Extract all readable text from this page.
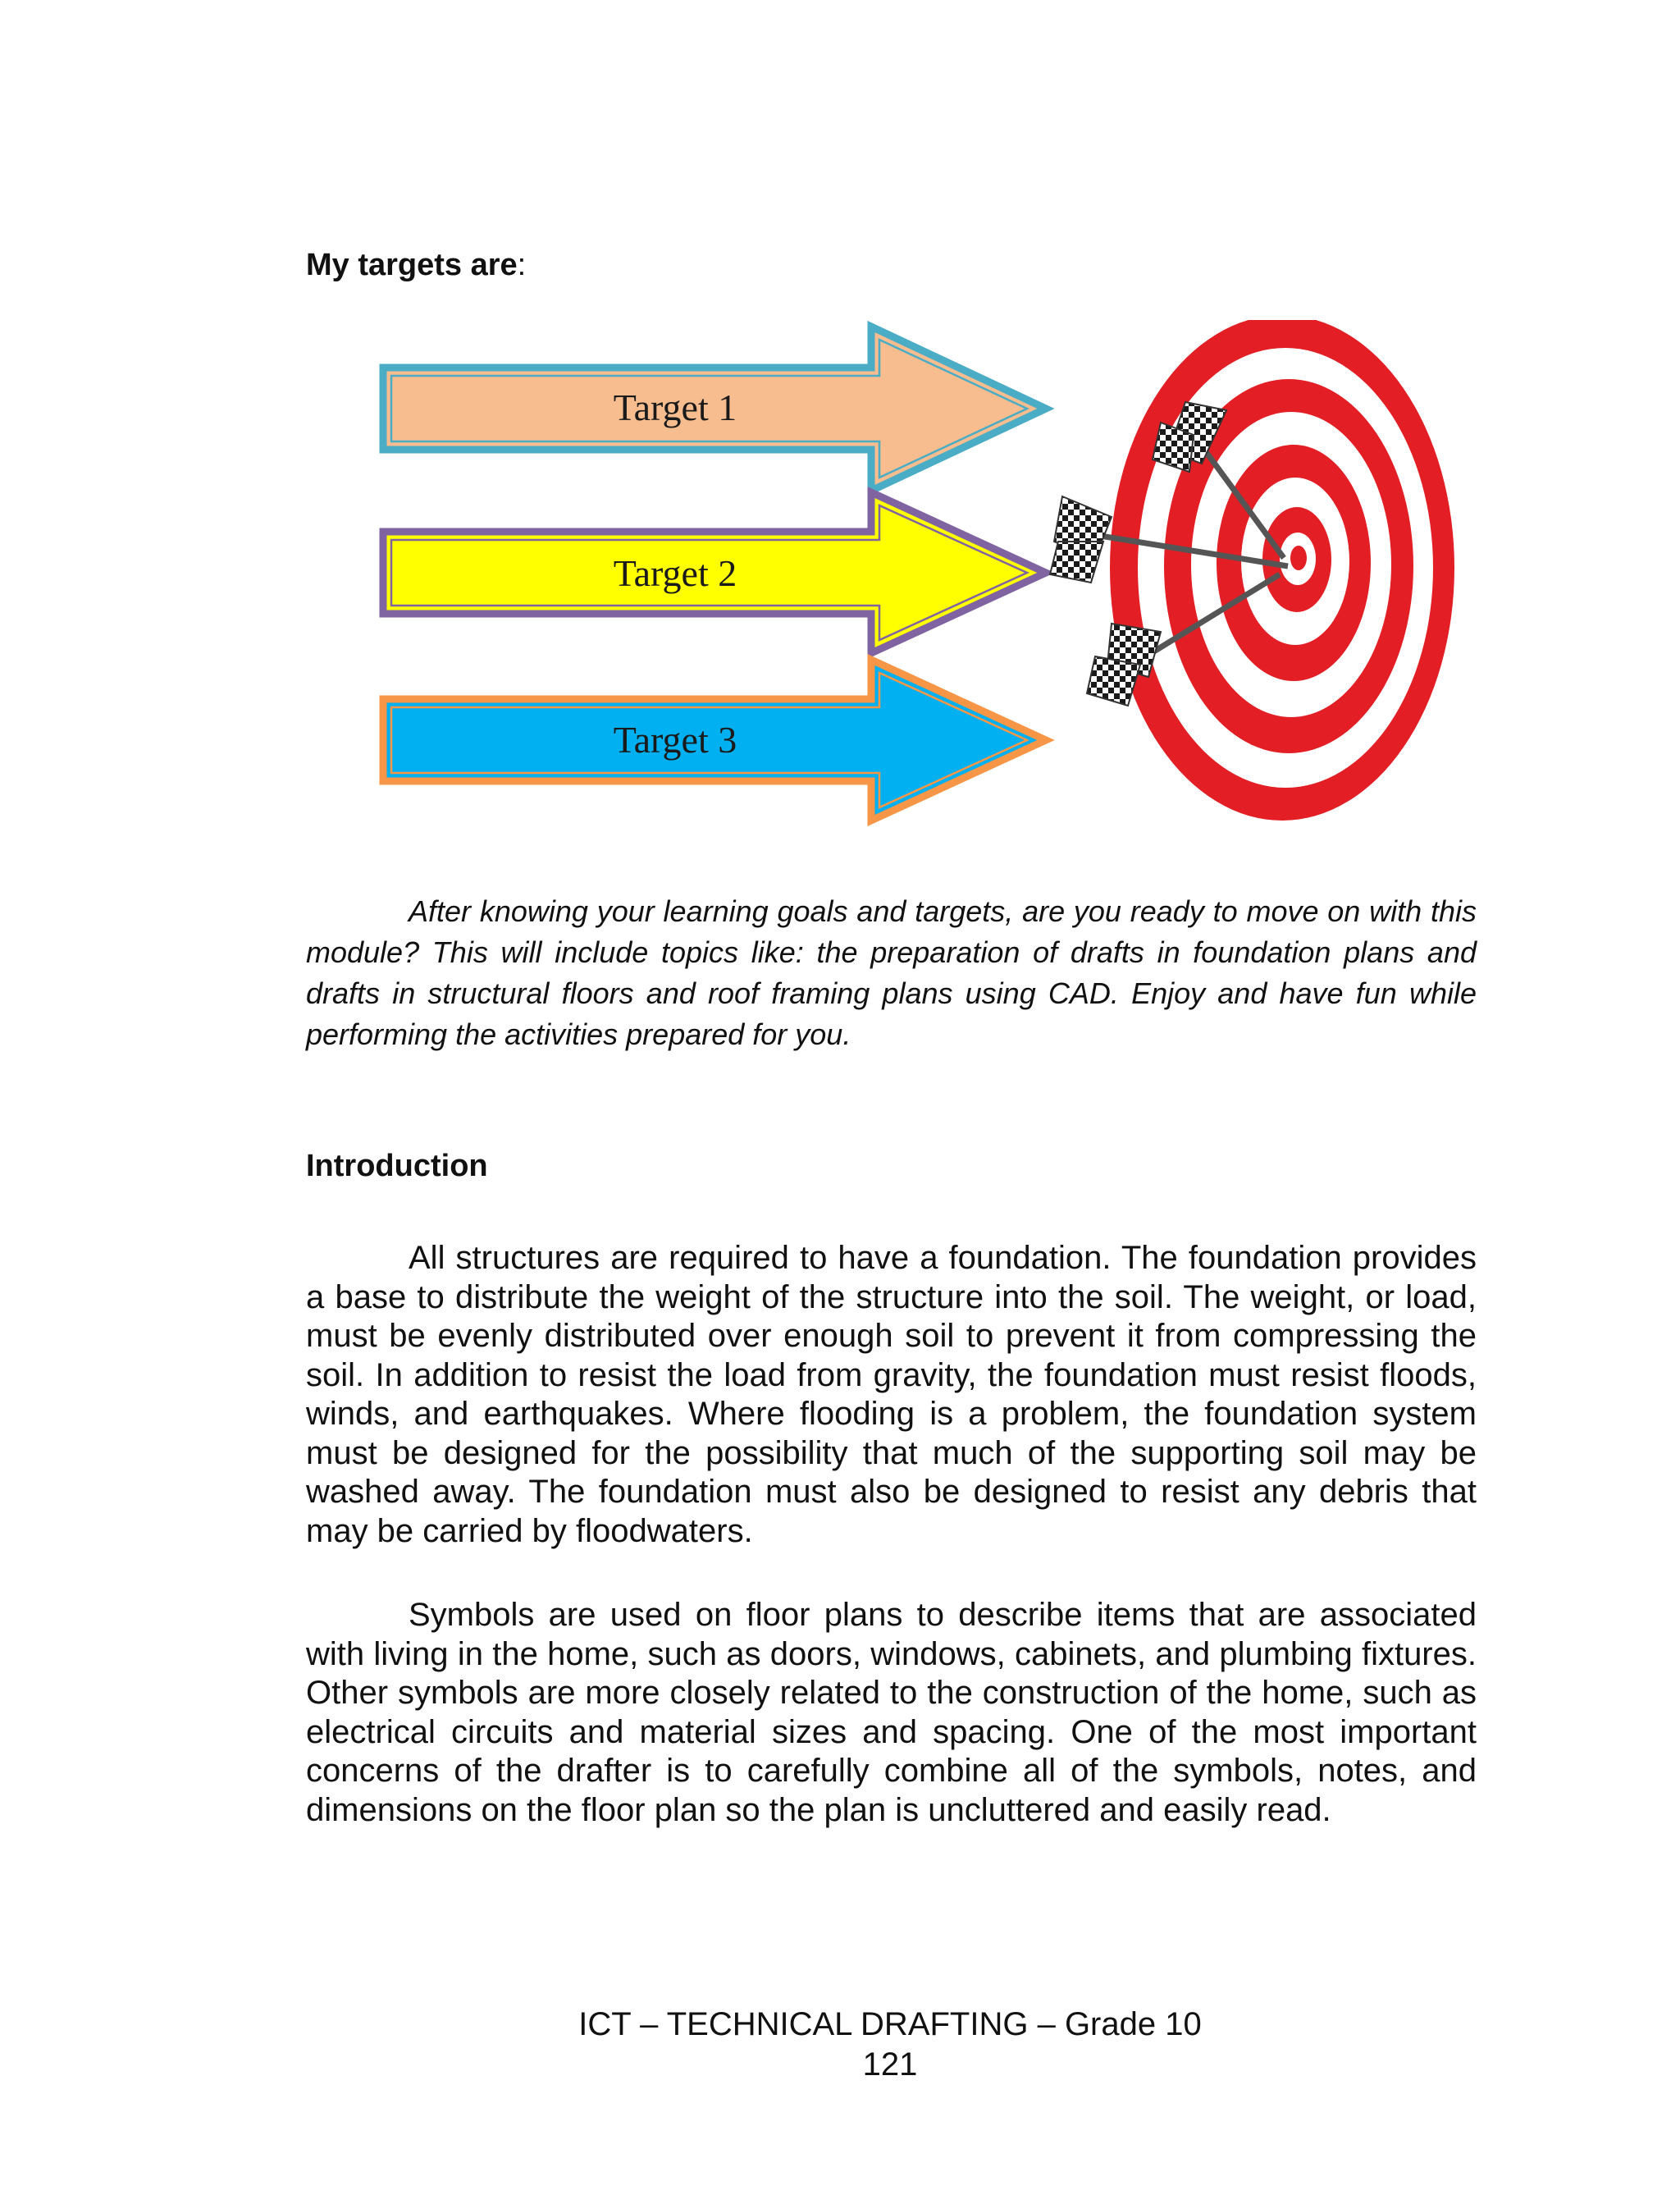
My targets are:

Target 1
Target 2
Target 3

After knowing your learning goals and targets, are you ready to move on with this module? This will include topics like: the preparation of drafts in foundation plans and drafts in structural floors and roof framing plans using CAD. Enjoy and have fun while performing the activities prepared for you.

Introduction

All structures are required to have a foundation. The foundation provides a base to distribute the weight of the structure into the soil. The weight, or load, must be evenly distributed over enough soil to prevent it from compressing the soil. In addition to resist the load from gravity, the foundation must resist floods, winds, and earthquakes. Where flooding is a problem, the foundation system must be designed for the possibility that much of the supporting soil may be washed away. The foundation must also be designed to resist any debris that may be carried by floodwaters.

Symbols are used on floor plans to describe items that are associated with living in the home, such as doors, windows, cabinets, and plumbing fixtures. Other symbols are more closely related to the construction of the home, such as electrical circuits and material sizes and spacing. One of the most important concerns of the drafter is to carefully combine all of the symbols, notes, and dimensions on the floor plan so the plan is uncluttered and easily read.

ICT – TECHNICAL DRAFTING – Grade 10

121
